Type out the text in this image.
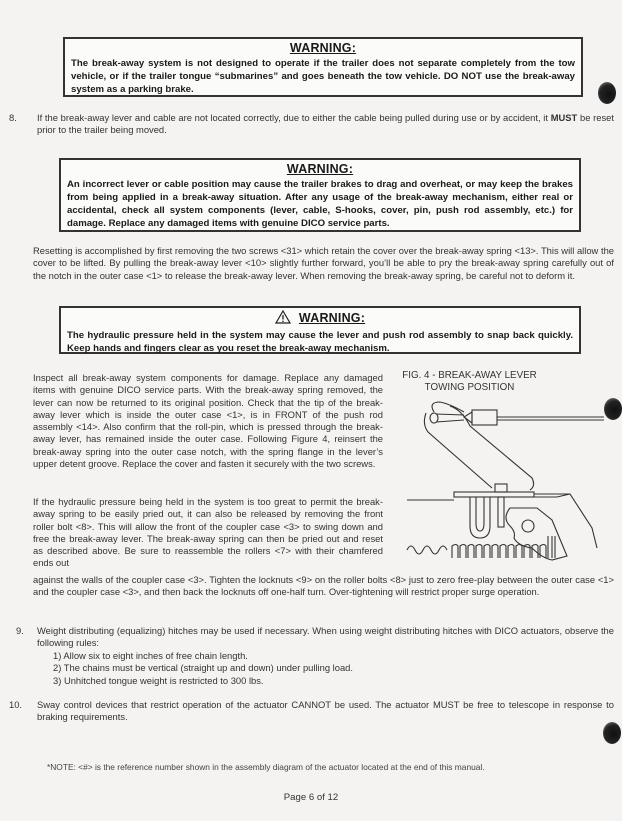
WARNING:
The break-away system is not designed to operate if the trailer does not separate completely from the tow vehicle, or if the trailer tongue “submarines” and goes beneath the tow vehicle. DO NOT use the break-away system as a parking brake.
8. If the break-away lever and cable are not located correctly, due to either the cable being pulled during use or by accident, it MUST be reset prior to the trailer being moved.
WARNING:
An incorrect lever or cable position may cause the trailer brakes to drag and overheat, or may keep the brakes from being applied in a break-away situation. After any usage of the break-away mechanism, either real or accidental, check all system components (lever, cable, S-hooks, cover, pin, push rod assembly, etc.) for damage. Replace any damaged items with genuine DICO service parts.
Resetting is accomplished by first removing the two screws <31> which retain the cover over the break-away spring <13>. This will allow the cover to be lifted. By pulling the break-away lever <10> slightly further forward, you’ll be able to pry the break-away spring carefully out of the notch in the outer case <1> to release the break-away lever. When removing the break-away spring, be careful not to deform it.
WARNING:
The hydraulic pressure held in the system may cause the lever and push rod assembly to snap back quickly. Keep hands and fingers clear as you reset the break-away mechanism.
Inspect all break-away system components for damage. Replace any damaged items with genuine DICO service parts. With the break-away spring removed, the lever can now be returned to its original position. Check that the tip of the break-away lever which is inside the outer case <1>, is in FRONT of the push rod assembly <14>. Also confirm that the roll-pin, which is pressed through the break-away lever, has remained inside the outer case. Following Figure 4, reinsert the break-away spring into the outer case notch, with the spring flange in the lever’s upper detent groove. Replace the cover and fasten it securely with the two screws.
If the hydraulic pressure being held in the system is too great to permit the break-away spring to be easily pried out, it can also be released by removing the front roller bolt <8>. This will allow the front of the coupler case <3> to swing down and free the break-away lever. The break-away spring can then be pried out and reset as described above. Be sure to reassemble the rollers <7> with their chamfered ends out
against the walls of the coupler case <3>. Tighten the locknuts <9> on the roller bolts <8> just to zero free-play between the outer case <1> and the coupler case <3>, and then back the locknuts off one-half turn. Over-tightening will restrict proper surge operation.
FIG. 4 - BREAK-AWAY LEVER
TOWING POSITION
9. Weight distributing (equalizing) hitches may be used if necessary. When using weight distributing hitches with DICO actuators, observe the following rules:
1) Allow six to eight inches of free chain length.
2) The chains must be vertical (straight up and down) under pulling load.
3) Unhitched tongue weight is restricted to 300 lbs.
10. Sway control devices that restrict operation of the actuator CANNOT be used. The actuator MUST be free to telescope in response to braking requirements.
*NOTE: <#> is the reference number shown in the assembly diagram of the actuator located at the end of this manual.
Page 6 of 12
